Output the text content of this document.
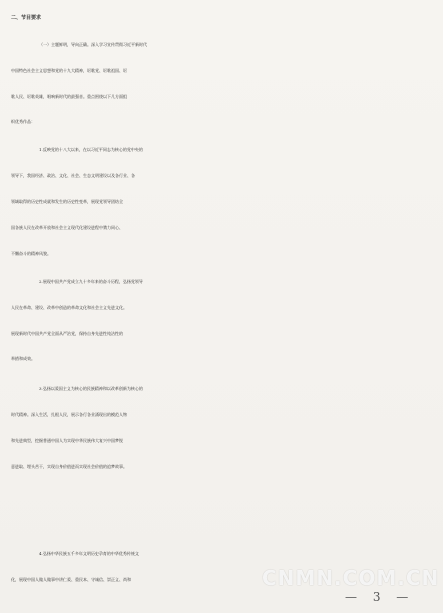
二、节目要求
（一）主题鲜明，导向正确。深入学习宣传贯彻习近平新时代
中国特色社会主义思想和党的十九大精神，讴歌党、讴歌祖国、讴
歌人民、讴歌英雄，唱响新时代的最强音。重点围绕以下几方面组
织优秀作品：
1.反映党的十八大以来，在以习近平同志为核心的党中央的
领导下，我国经济、政治、文化、社会、生态文明建设以及各行业、各
领域取得的历史性成就和发生的历史性变革，展现党领导团结全
国各族人民在改革开放和社会主义现代化建设进程中戮力同心、
不懈奋斗的精神风貌。
2.展现中国共产党成立九十多年来的奋斗历程，弘扬党领导
人民在革命、建设、改革中创造的革命文化和社会主义先进文化。
展现新时代中国共产党全面从严治党，保持自身先进性纯洁性的
举措和成效。
3.弘扬以爱国主义为核心的民族精神和以改革创新为核心的
时代精神。深入生活，扎根人民，展示各行各业涌现出的模范人物
和先进典型，挖掘普通中国人为实现中华民族伟大复兴中国梦锐
意进取、埋头苦干，实现自身价值进而实现社会价值的追梦故事。
4.弘扬中华民族五千多年文明历史孕育的中华优秀传统文
化，展现中国人做人做事中讲仁爱、重民本、守诚信、崇正义、尚和	CNMN.COM.CN
— 3 —
